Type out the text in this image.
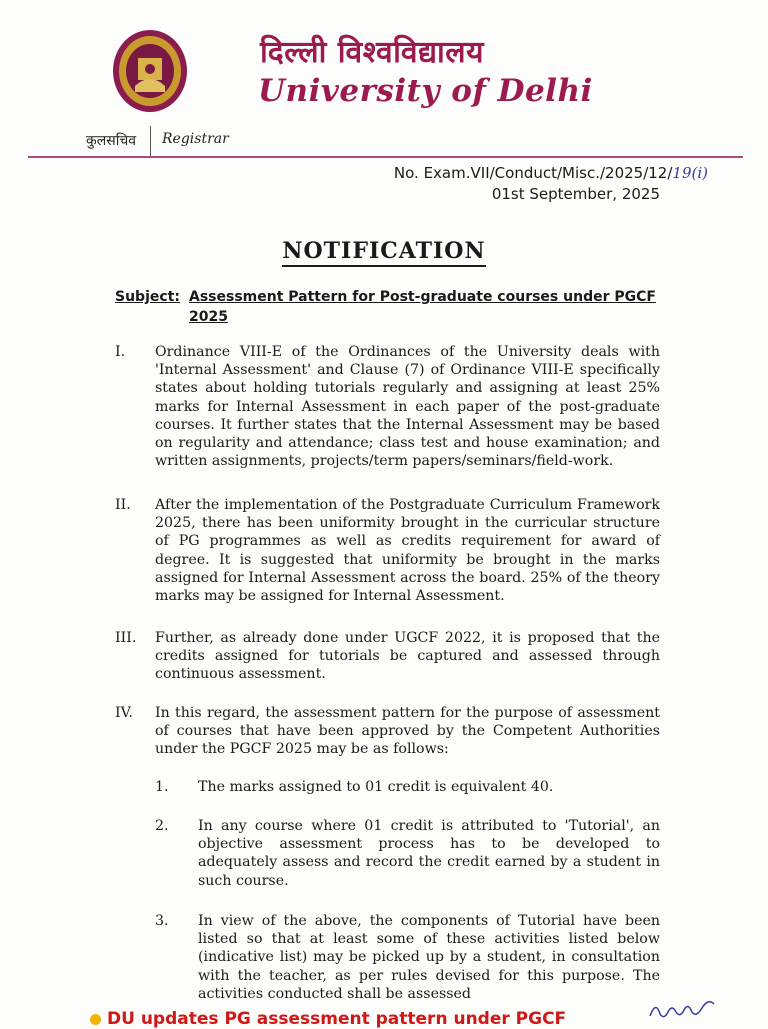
दिल्ली विश्वविद्यालय
University of Delhi
कुलसचिव Registrar
No. Exam.VII/Conduct/Misc./2025/12/19(i)
01st September, 2025
NOTIFICATION
Subject: Assessment Pattern for Post-graduate courses under PGCF
2025
I. Ordinance VIII-E of the Ordinances of the University deals with 'Internal Assessment' and Clause (7) of Ordinance VIII-E specifically states about holding tutorials regularly and assigning at least 25% marks for Internal Assessment in each paper of the post-graduate courses. It further states that the Internal Assessment may be based on regularity and attendance; class test and house examination; and written assignments, projects/term papers/seminars/field-work.
II. After the implementation of the Postgraduate Curriculum Framework 2025, there has been uniformity brought in the curricular structure of PG programmes as well as credits requirement for award of degree. It is suggested that uniformity be brought in the marks assigned for Internal Assessment across the board. 25% of the theory marks may be assigned for Internal Assessment.
III. Further, as already done under UGCF 2022, it is proposed that the credits assigned for tutorials be captured and assessed through continuous assessment.
IV. In this regard, the assessment pattern for the purpose of assessment of courses that have been approved by the Competent Authorities under the PGCF 2025 may be as follows:
1. The marks assigned to 01 credit is equivalent 40.
2. In any course where 01 credit is attributed to 'Tutorial', an objective assessment process has to be developed to adequately assess and record the credit earned by a student in such course.
3. In view of the above, the components of Tutorial have been listed so that at least some of these activities listed below (indicative list) may be picked up by a student, in consultation with the teacher, as per rules devised for this purpose. The activities conducted shall be assessed
DU updates PG assessment pattern under PGCF
